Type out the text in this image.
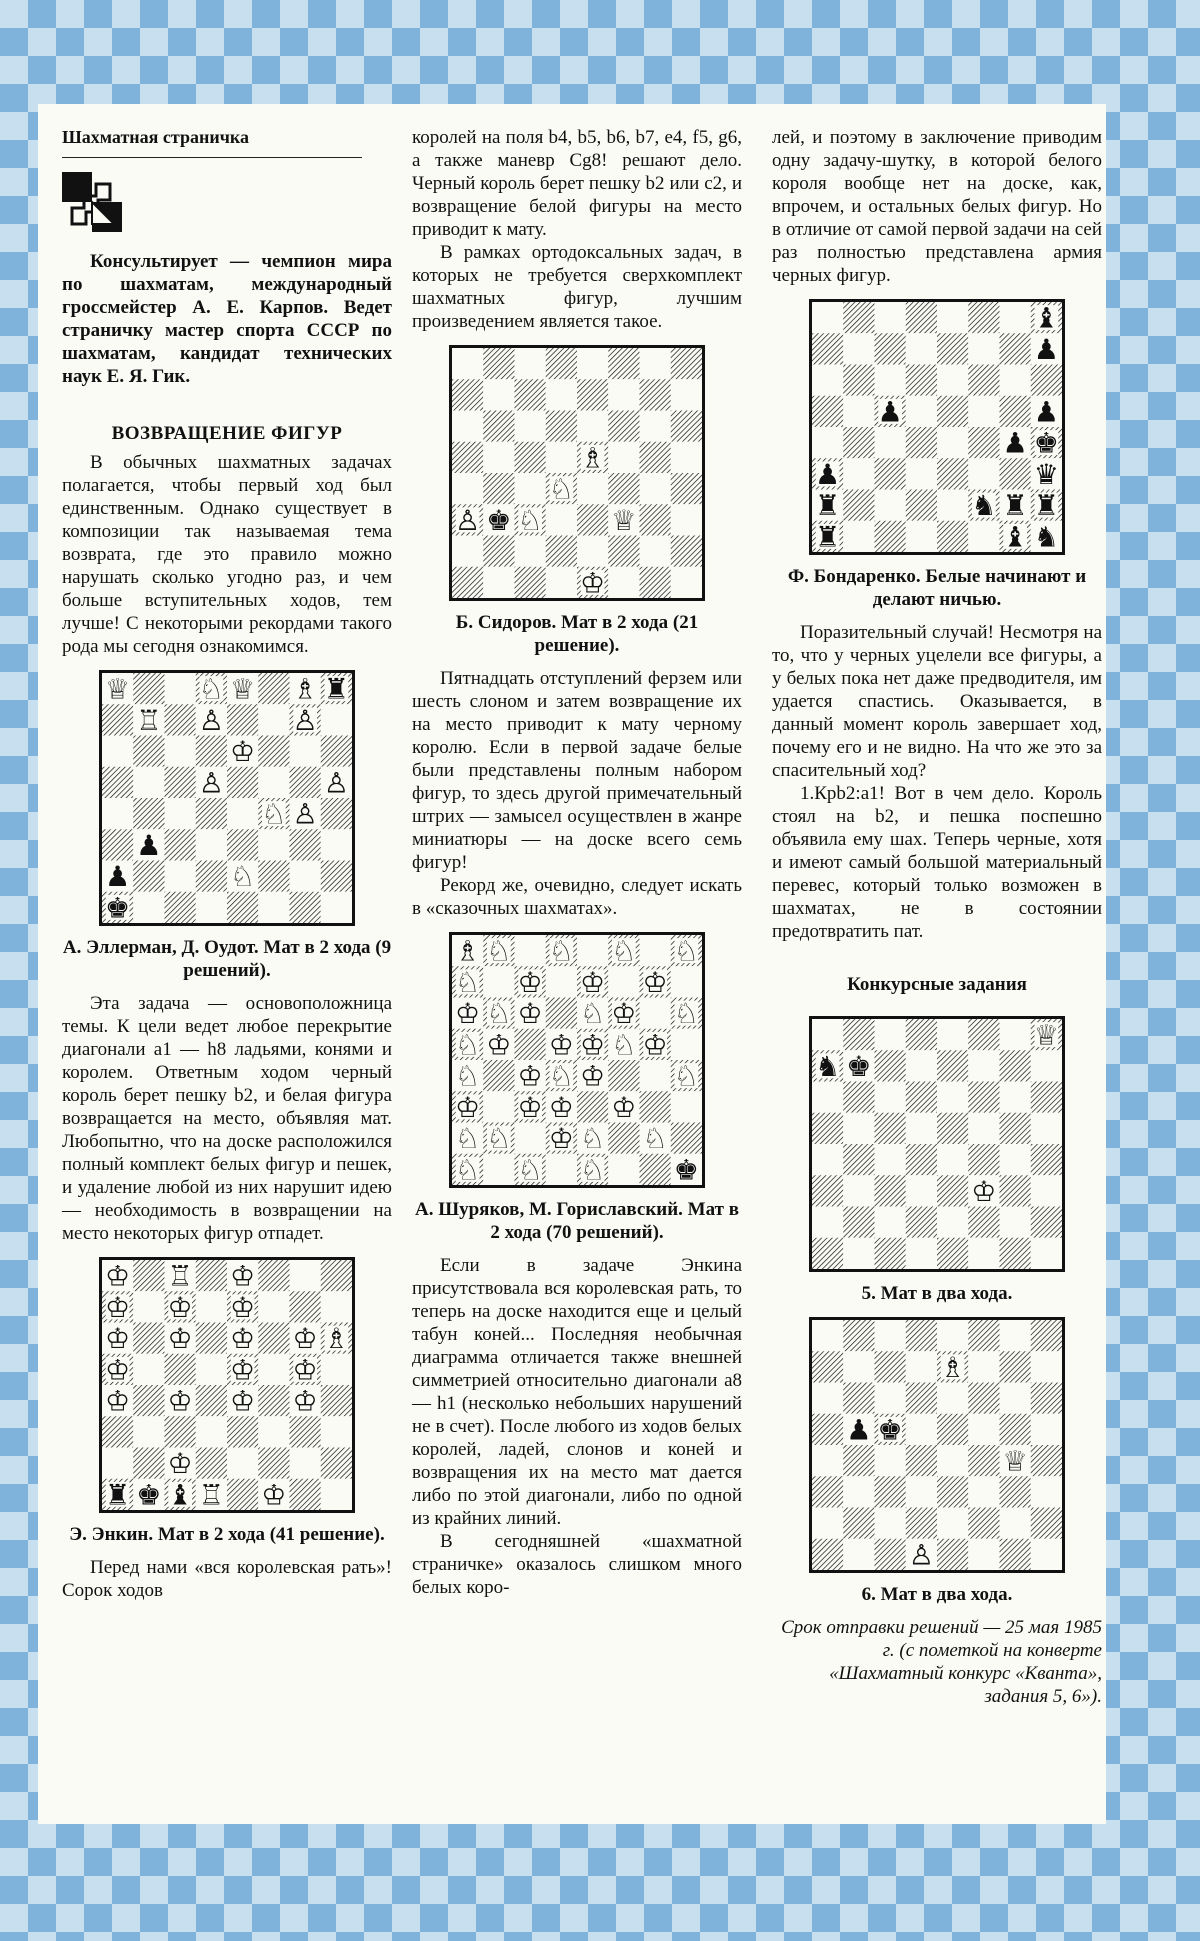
Шахматная страничка

Консультирует — чемпион мира по шахматам, международный гроссмейстер А. Е. Карпов. Ведет страничку мастер спорта СССР по шахматам, кандидат технических наук Е. Я. Гик.

ВОЗВРАЩЕНИЕ ФИГУР

В обычных шахматных задачах полагается, чтобы первый ход был единственным. Однако существует в композиции так называемая тема возврата, где это правило можно нарушать сколько угодно раз, и чем больше вступительных ходов, тем лучше! С некоторыми рекордами такого рода мы сегодня ознакомимся.

А. Эллерман, Д. Оудот. Мат в 2 хода (9 решений).

Эта задача — основоположница темы. К цели ведет любое перекрытие диагонали a1 — h8 ладьями, конями и королем. Ответным ходом черный король берет пешку b2, и белая фигура возвращается на место, объявляя мат. Любопытно, что на доске расположился полный комплект белых фигур и пешек, и удаление любой из них нарушит идею — необходимость в возвращении на место некоторых фигур отпадет.

Э. Энкин. Мат в 2 хода (41 решение).

Перед нами «вся королевская рать»! Сорок ходов

королей на поля b4, b5, b6, b7, e4, f5, g6, а также маневр Cg8! решают дело. Черный король берет пешку b2 или c2, и возвращение белой фигуры на место приводит к мату.

В рамках ортодоксальных задач, в которых не требуется сверхкомплект шахматных фигур, лучшим произведением является такое.

Б. Сидоров. Мат в 2 хода (21 решение).

Пятнадцать отступлений ферзем или шесть слоном и затем возвращение их на место приводит к мату черному королю. Если в первой задаче белые были представлены полным набором фигур, то здесь другой примечательный штрих — замысел осуществлен в жанре миниатюры — на доске всего семь фигур!

Рекорд же, очевидно, следует искать в «сказочных шахматах».

А. Шуряков, М. Гориславский. Мат в 2 хода (70 решений).

Если в задаче Энкина присутствовала вся королевская рать, то теперь на доске находится еще и целый табун коней... Последняя необычная диаграмма отличается также внешней симметрией относительно диагонали a8 — h1 (несколько небольших нарушений не в счет). После любого из ходов белых королей, ладей, слонов и коней и возвращения их на место мат дается либо по этой диагонали, либо по одной из крайних линий.

В сегодняшней «шахматной страничке» оказалось слишком много белых коро-

лей, и поэтому в заключение приводим одну задачу-шутку, в которой белого короля вообще нет на доске, как, впрочем, и остальных белых фигур. Но в отличие от самой первой задачи на сей раз полностью представлена армия черных фигур.

Ф. Бондаренко. Белые начинают и делают ничью.

Поразительный случай! Несмотря на то, что у черных уцелели все фигуры, а у белых пока нет даже предводителя, им удается спастись. Оказывается, в данный момент король завершает ход, почему его и не видно. На что же это за спасительный ход?

1.Крb2:a1! Вот в чем дело. Король стоял на b2, и пешка поспешно объявила ему шах. Теперь черные, хотя и имеют самый большой материальный перевес, который только возможен в шахматах, не в состоянии предотвратить пат.

Конкурсные задания

5. Мат в два хода.

6. Мат в два хода.

Срок отправки решений — 25 мая 1985 г. (с пометкой на конверте «Шахматный конкурс «Кванта», задания 5, 6»).
